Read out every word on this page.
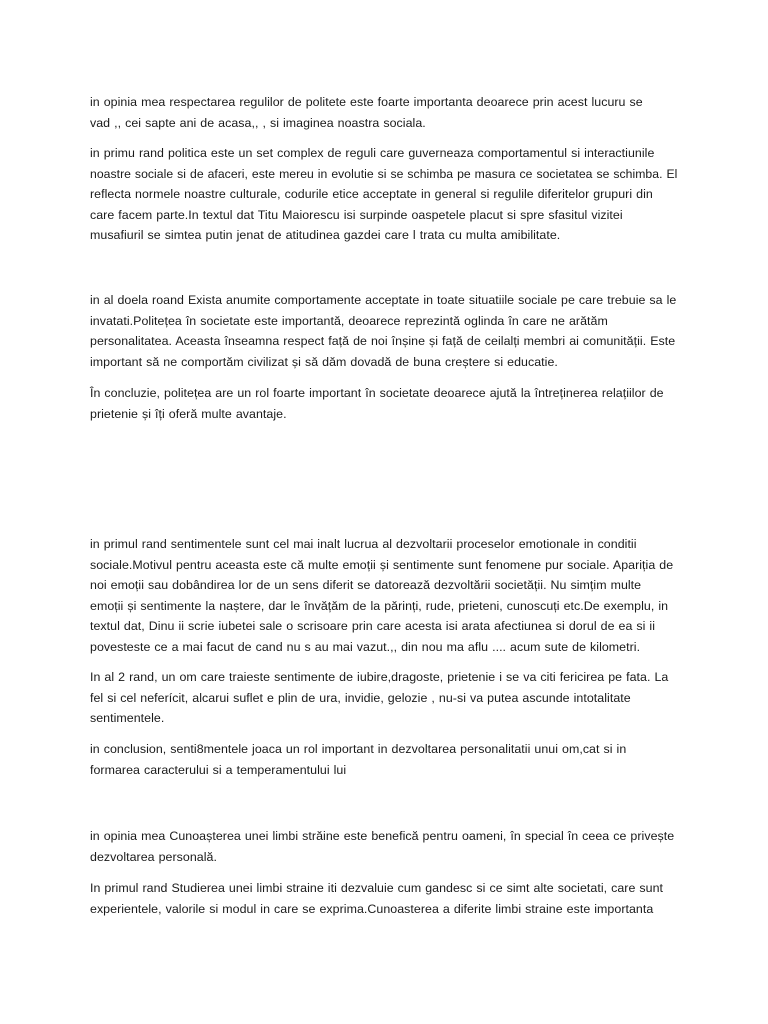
in opinia mea respectarea regulilor de politete este foarte importanta deoarece prin acest lucuru se
vad ,, cei sapte ani de acasa,, , si imaginea noastra sociala.

in primu rand politica este un set complex de reguli care guverneaza comportamentul si interactiunile
noastre sociale si de afaceri, este mereu in evolutie si se schimba pe masura ce societatea se schimba. El
reflecta normele noastre culturale, codurile etice acceptate in general si regulile diferitelor grupuri din
care facem parte.In textul dat Titu Maiorescu isi surpinde oaspetele placut si spre sfasitul vizitei
musafiuril se simtea putin jenat de atitudinea gazdei care l trata cu multa amibilitate.

in al doela roand Exista anumite comportamente acceptate in toate situatiile sociale pe care trebuie sa le
invatati.Politețea în societate este importantă, deoarece reprezintă oglinda în care ne arătăm
personalitatea. Aceasta înseamna respect față de noi înșine și față de ceilalți membri ai comunității. Este
important să ne comportăm civilizat și să dăm dovadă de buna creștere si educatie.

În concluzie, politețea are un rol foarte important în societate deoarece ajută la întreținerea relațiilor de
prietenie și îți oferă multe avantaje.

in primul rand sentimentele sunt cel mai inalt lucrua al dezvoltarii proceselor emotionale in conditii
sociale.Motivul pentru aceasta este că multe emoții și sentimente sunt fenomene pur sociale. Apariția de
noi emoții sau dobândirea lor de un sens diferit se datorează dezvoltării societății. Nu simțim multe
emoții și sentimente la naștere, dar le învățăm de la părinți, rude, prieteni, cunoscuți etc.De exemplu, in
textul dat, Dinu ii scrie iubetei sale o scrisoare prin care acesta isi arata afectiunea si dorul de ea si ii
povesteste ce a mai facut de cand nu s au mai vazut.,, din nou ma aflu .... acum sute de kilometri.

In al 2 rand, un om care traieste sentimente de iubire,dragoste, prietenie i se va citi fericirea pe fata. La
fel si cel neferícit, alcarui suflet e plin de ura, invidie, gelozie , nu-si va putea ascunde intotalitate
sentimentele.

in conclusion, senti8mentele joaca un rol important in dezvoltarea personalitatii unui om,cat si in
formarea caracterului si a temperamentului lui

in opinia mea Cunoașterea unei limbi străine este benefică pentru oameni, în special în ceea ce privește
dezvoltarea personală.

In primul rand Studierea unei limbi straine iti dezvaluie cum gandesc si ce simt alte societati, care sunt
experientele, valorile si modul in care se exprima.Cunoasterea a diferite limbi straine este importanta
